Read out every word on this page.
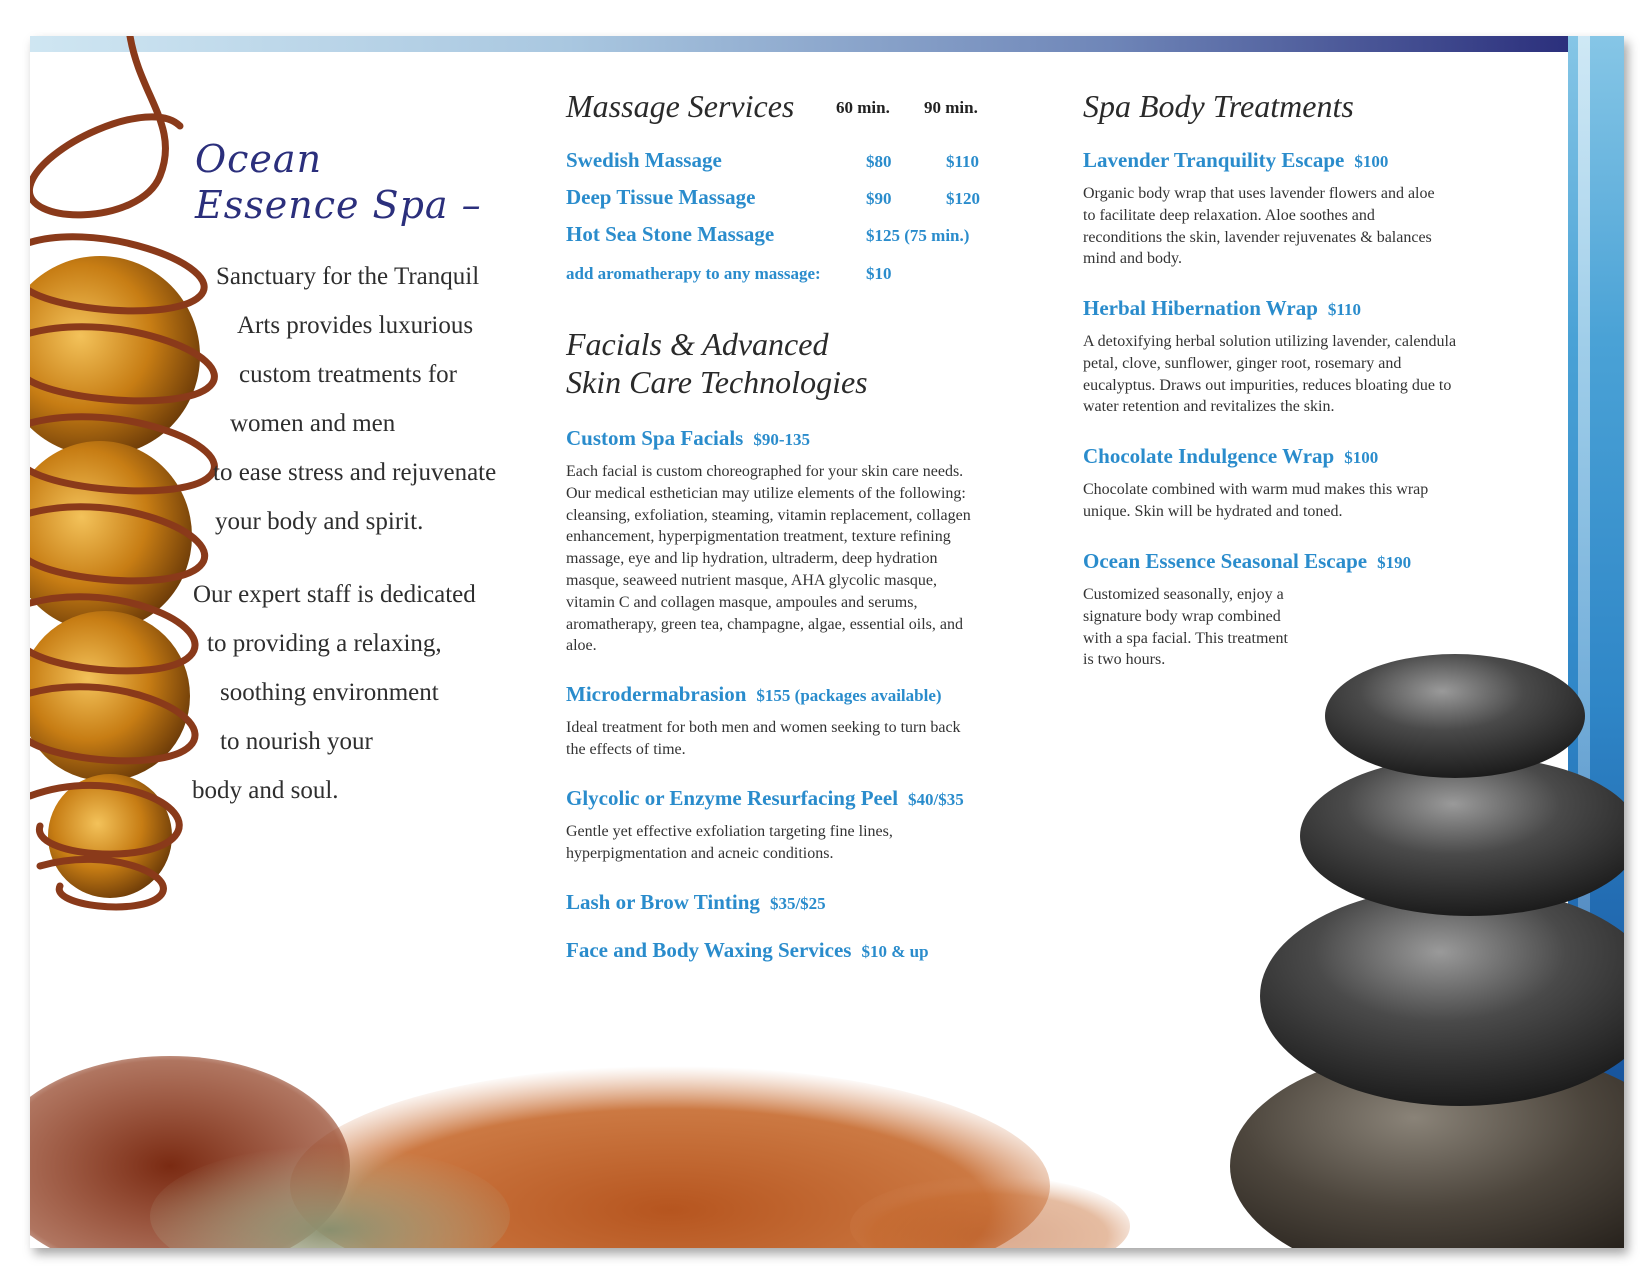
Ocean
Essence Spa –
Sanctuary for the Tranquil
Arts provides luxurious
custom treatments for
women and men
to ease stress and rejuvenate
your body and spirit.
Our expert staff is dedicated
to providing a relaxing,
soothing environment
to nourish your
body and soul.
Massage Services 60 min. 90 min.
Swedish Massage	$80	$110
Deep Tissue Massage	$90	$120
Hot Sea Stone Massage	$125 (75 min.)
add aromatherapy to any massage:	$10
Facials & Advanced
Skin Care Technologies
Custom Spa Facials $90-135
Each facial is custom choreographed for your skin care needs. Our medical esthetician may utilize elements of the following: cleansing, exfoliation, steaming, vitamin replacement, collagen enhancement, hyperpigmentation treatment, texture refining massage, eye and lip hydration, ultraderm, deep hydration masque, seaweed nutrient masque, AHA glycolic masque, vitamin C and collagen masque, ampoules and serums, aromatherapy, green tea, champagne, algae, essential oils, and aloe.
Microdermabrasion $155 (packages available)
Ideal treatment for both men and women seeking to turn back the effects of time.
Glycolic or Enzyme Resurfacing Peel $40/$35
Gentle yet effective exfoliation targeting fine lines, hyperpigmentation and acneic conditions.
Lash or Brow Tinting $35/$25
Face and Body Waxing Services $10 & up
Spa Body Treatments
Lavender Tranquility Escape $100
Organic body wrap that uses lavender flowers and aloe to facilitate deep relaxation. Aloe soothes and reconditions the skin, lavender rejuvenates & balances mind and body.
Herbal Hibernation Wrap $110
A detoxifying herbal solution utilizing lavender, calendula petal, clove, sunflower, ginger root, rosemary and eucalyptus. Draws out impurities, reduces bloating due to water retention and revitalizes the skin.
Chocolate Indulgence Wrap $100
Chocolate combined with warm mud makes this wrap unique. Skin will be hydrated and toned.
Ocean Essence Seasonal Escape $190
Customized seasonally, enjoy a signature body wrap combined with a spa facial. This treatment is two hours.
